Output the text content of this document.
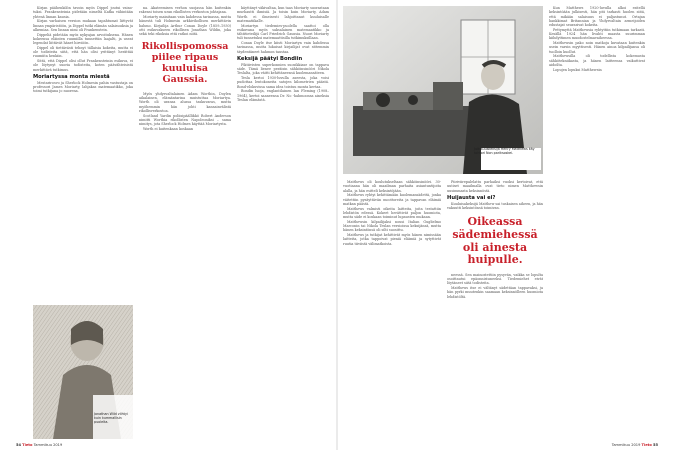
Kirjan päähenkilön tavoin myös Dippel joutui vainotuksi. Frankensteinia pidetään nimeltä Kafka vähintään yhtenä linnan kausia.

Kirjan varhaisen version mukaan tapahtumat liittyvät linnan ympäristöön, ja Dippel tutki elämän salaisuuksia ja alkemiaa. Sen linnan nimi oli Frankenstein.

Dippeliä pidetään myös nykyajan arvoituksena. Hänen kokeensa eläinten ruumiilla tunnettiin laajalti, ja useat legendat liittävät hänet hirviöön.

Dippel oli tiettävästi tehnyt tällaisia kokeita, mutta ei ole todisteita siitä, että hän olisi yrittänyt herättää ruumiita henkiin.

Sittä, että Dippel olisi ollut Frankensteinin esikuva, ei ole löytynyt suoria todisteita, koten päävähteisistä merkittävä tutkimus.

Moriartyssa monta miestä

Mestarirosvo ja Sherlock Holmesin pahin vastustaja on professori James Moriarty, lahjakas matemaatikko, joka toimi tutkijana jo nuorena.

na. Akateemisen verhon suojassa hän kuitenkin rakensi toisen uran rikollisten verkoston johtajana.

Moriarty mainitaan vain kahdessa tarinassa, mutta hänestä tuli Holmesin arkkivihollisen merkittävin hahmo. Kirjailija Arthur Conan Doyle (1859–1930) otti esikuvakseen rikollisen Jonathan Wildin, joka sekä teki rikoksia että ratkoi niitä.

Rikollispomossa piilee ripaus kuuluisa Gaussia.

Myös yhdysvaltalainen Adam Worthin, Doylen aikalainen, elämäntarina muistuttaa Moriartya. Worth oli uransa alussa taskuvaras, mutta myöhemmin hän johti kansainvälistä rikollisverkostoa.

Scotland Yardin poliisipäällikkö Robert Anderson nimitti Worthia rikollisten Napoleoniksi – sama nimitys, jota Sherlock Holmes käyttää Moriartysta.

Worth ei kuitenkaan koskaan

käyttänyt väkivaltaa, kun taas Moriarty suorastaan murhautti ihmisiä. Ja toisin kuin Moriarty, Adam Worth ei ilmeisesti lahjoittanut kuuluisalle matematiikalle.

Moriartyn tiedemies-puolella saattoi olla esikuvana myös saksalainen matemaatikko ja tähtitieteilijä Carl Friedrich Gaussia. Nuori Moriarty tuli tunnetuksi matemaattisilla tutkimuksillaan.

Conan Doyle itse kiisti Moriartyn vain kahdessa tarinassa, mutta lukuisat kirjailijat ovat sittemmin täydentäneet hahmon taustaa.

Keksijä päätyi Bondiin

Fiktiivisten superkonnien suosikkiase on tappava säde. Tämä lienee peräisin sähköinsinööri Nikola Teslalta, joka väitti kehittäneensä kuolemansäteen.

Tesla kertoi 1930-luvulla aseesta, joka voisi pudottaa lentokoneita satojen kilometrien päästä. Bond-elokuvissa sama idea toistuu monta kertaa.

Bondin luoja, englantilainen Ian Fleming (1908–1964), kertoi saaneensa Dr. No -hahmoonsa aineksia Teslan elämästä.

Matthews oli koulutukseltaan sähköinsinööri. 30-vuotiaana hän oli maailman parhaita asiantuntijoita alalla, ja hän esitteli keksintöjään.

Matthews ryhtyi kehittämään kuolemansädettä, jonka väitettiin pysäyttävän moottoreita ja tappavan eläimiä matkan päästä.

Matthews valmisti oikeita laitteita, joita testattiin lehdistön edessä. Kokeet herättivät paljon huomiota, mutta säde ei koskaan toiminut lupausten mukaan.

Matthewsin kilpailijaksi nousi Italian Guglielmo Marconin tai Nikola Teslan versioissa keksijänsä, mutta hänen keksintönsä oli silti suosittu.

Matthews ja tutkijat kehittivät myös hänen nimissään laitteita, jotka tappoivat pieniä eläimiä ja sytyttivät ruutia tiiviistä välimatkoista.

Piiriviirepalelattu parhaiksi vuoksi kertoivat, että uutiset maailmalla ovat tieto nimen Matthewsin uusimmasta keksinnöstä.

Huijausta vai ei?

Kuuluisakeksijä Matthew sai tuskaisen aiheen, ja hän vakuutti keksintönsä toimivan.

Oikeassa sädemiehessä oli ainesta huipulle.

neessä. Sen mainostettiin pysyvän, vaikka se lopulta osoittautui epäonnistuneeksi. Tiedemiehet eivät löytäneet siitä todisteita.

Matthews itse ei vältänyt sädettäan tappavaksi, ja hän pyrki muutenkin saamaan keksinnölleen huomiota lehdistöltä.

Kun Matthews 1920-luvulla alkoi esitellä keksintöään julkisesti, hän piti tarkasti huolen siitä, että mikään salaisuus ei paljastunut. Ortajan hankkimat Britannian ja Yhdysvaltain armeijoiden edustajat seurasivat kokeita.

Pettymyttä Matthewsia ryhtyttiin tutkimaan tarkasti. Kesällä 1924 hän livahti maasta suurimman kiihdyttimen muodostelmavaiheessa.

Matthewsin pako noin matkoja kuvataan kuitenkin usein varsin myyttisesti. Hänen ainoa kilpailijansa oli tuolloin kuollut.

Matthewsilla oli todellista kokemusta sähkötekniikasta, ja hänen laitteensa vaikuttivat aidoilta.

Lopujen lopuksi Matthewsin

Jonathan Wild viihtyi kuin kummallisin puolelta.
Julkisuuskeksijä Henry Matthews käy tohtori Non pariksoskei.
54 Tieto Tammikuu 2019	Tammikuu 2019 Tieto 55
